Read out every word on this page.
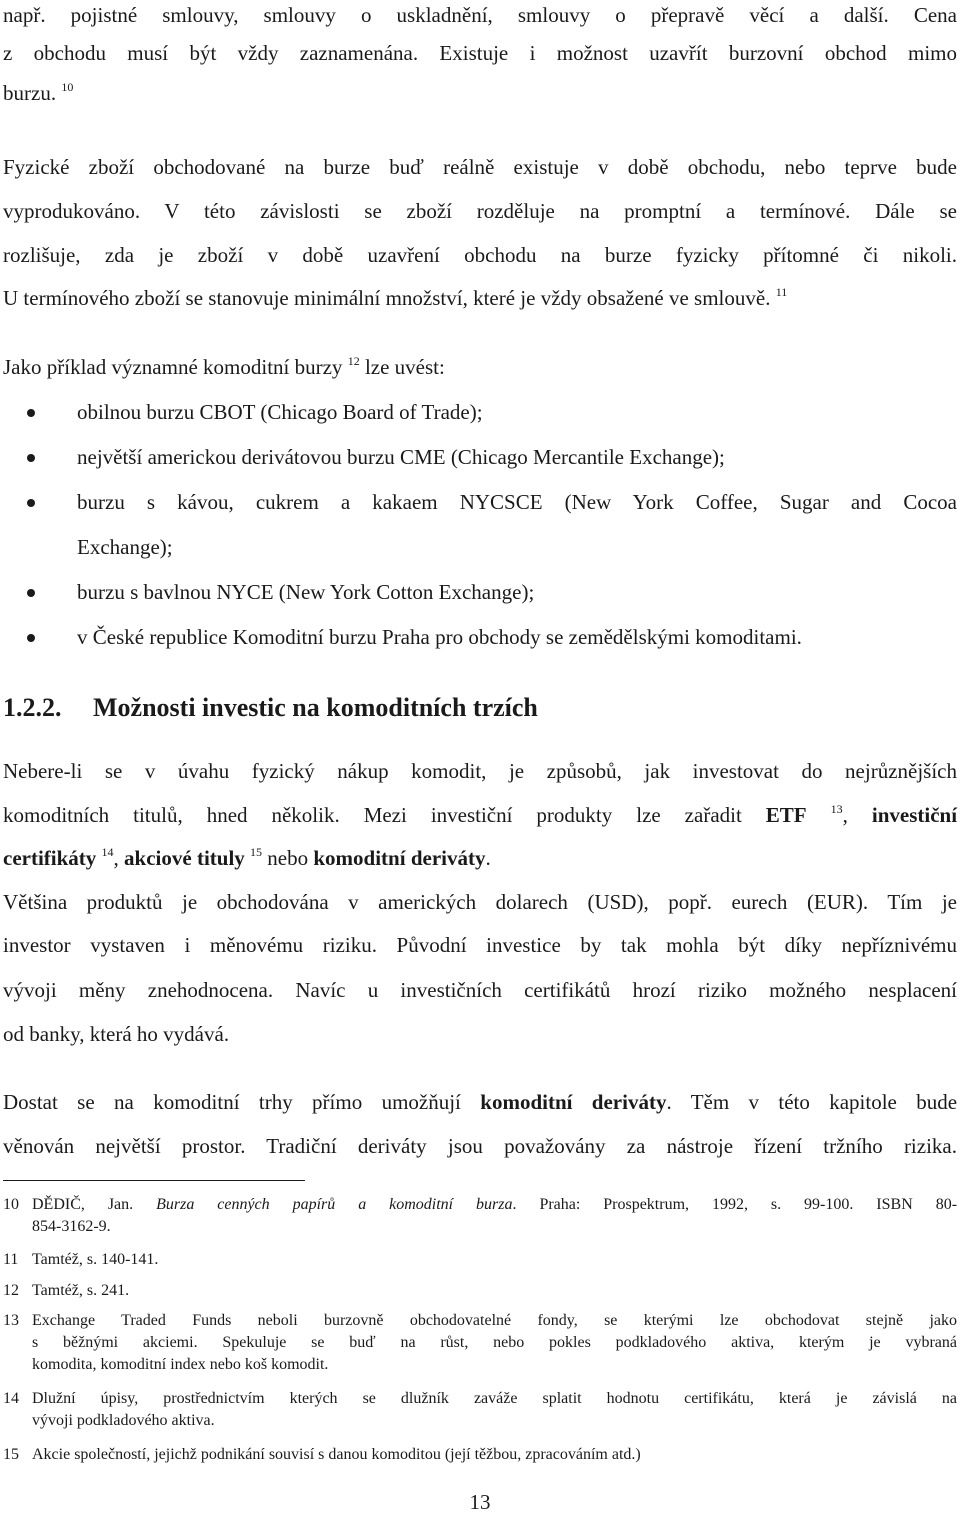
např. pojistné smlouvy, smlouvy o uskladnění, smlouvy o přepravě věcí a další. Cena
z obchodu musí být vždy zaznamenána. Existuje i možnost uzavřít burzovní obchod mimo
burzu. $^{10}$
Fyzické zboží obchodované na burze buď reálně existuje v době obchodu, nebo teprve bude
vyprodukováno. V této závislosti se zboží rozděluje na promptní a termínové. Dále se
rozlišuje, zda je zboží v době uzavření obchodu na burze fyzicky přítomné či nikoli.
U termínového zboží se stanovuje minimální množství, které je vždy obsažené ve smlouvě. $^{11}$
Jako příklad významné komoditní burzy $^{12}$ lze uvést:
obilnou burzu CBOT (Chicago Board of Trade);
největší americkou derivátovou burzu CME (Chicago Mercantile Exchange);
burzu s kávou, cukrem a kakaem NYCSCE (New York Coffee, Sugar and Cocoa
Exchange);
burzu s bavlnou NYCE (New York Cotton Exchange);
v České republice Komoditní burzu Praha pro obchody se zemědělskými komoditami.
1.2.2. Možnosti investic na komoditních trzích
Nebere-li se v úvahu fyzický nákup komodit, je způsobů, jak investovat do nejrůznějších
komoditních titulů, hned několik. Mezi investiční produkty lze zařadit ETF $^{13}$, investiční
certifikáty $^{14}$, akciové tituly $^{15}$ nebo komoditní deriváty.
Většina produktů je obchodována v amerických dolarech (USD), popř. eurech (EUR). Tím je
investor vystaven i měnovému riziku. Původní investice by tak mohla být díky nepříznivému
vývoji měny znehodnocena. Navíc u investičních certifikátů hrozí riziko možného nesplacení
od banky, která ho vydává.
Dostat se na komoditní trhy přímo umožňují komoditní deriváty. Těm v této kapitole bude
věnován největší prostor. Tradiční deriváty jsou považovány za nástroje řízení tržního rizika.
10 DĚDIČ, Jan. Burza cenných papírů a komoditní burza. Praha: Prospektrum, 1992, s. 99-100. ISBN 80-
854-3162-9.
11 Tamtéž, s. 140-141.
12 Tamtéž, s. 241.
13 Exchange Traded Funds neboli burzovně obchodovatelné fondy, se kterými lze obchodovat stejně jako
s běžnými akciemi. Spekuluje se buď na růst, nebo pokles podkladového aktiva, kterým je vybraná
komodita, komoditní index nebo koš komodit.
14 Dlužní úpisy, prostřednictvím kterých se dlužník zaváže splatit hodnotu certifikátu, která je závislá na
vývoji podkladového aktiva.
15 Akcie společností, jejichž podnikání souvisí s danou komoditou (její těžbou, zpracováním atd.)
13
